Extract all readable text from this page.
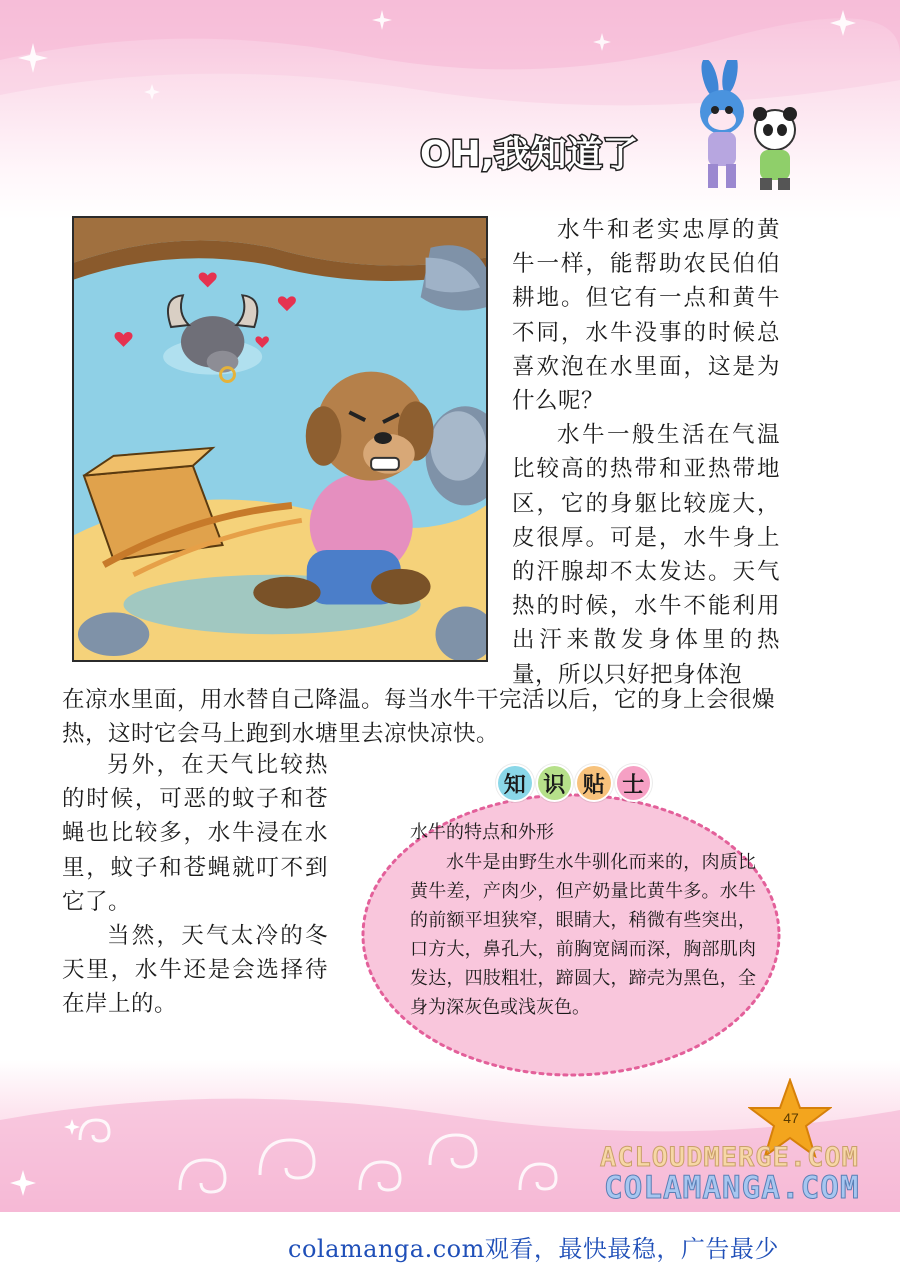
OH,我知道了

水牛和老实忠厚的黄牛一样，能帮助农民伯伯耕地。但它有一点和黄牛不同，水牛没事的时候总喜欢泡在水里面，这是为什么呢？

水牛一般生活在气温比较高的热带和亚热带地区，它的身躯比较庞大，皮很厚。可是，水牛身上的汗腺却不太发达。天气热的时候，水牛不能利用出汗来散发身体里的热量，所以只好把身体泡

在凉水里面，用水替自己降温。每当水牛干完活以后，它的身上会很燥热，这时它会马上跑到水塘里去凉快凉快。

另外，在天气比较热的时候，可恶的蚊子和苍蝇也比较多，水牛浸在水里，蚊子和苍蝇就叮不到它了。

当然，天气太冷的冬天里，水牛还是会选择待在岸上的。

知 识 贴 士
水牛的特点和外形
水牛是由野生水牛驯化而来的，肉质比黄牛差，产肉少，但产奶量比黄牛多。水牛的前额平坦狭窄，眼睛大，稍微有些突出，口方大，鼻孔大，前胸宽阔而深，胸部肌肉发达，四肢粗壮，蹄圆大，蹄壳为黑色，全身为深灰色或浅灰色。
47
ACLOUDMERGE.COM
COLAMANGA.COM
colamanga.com观看，最快最稳，广告最少
